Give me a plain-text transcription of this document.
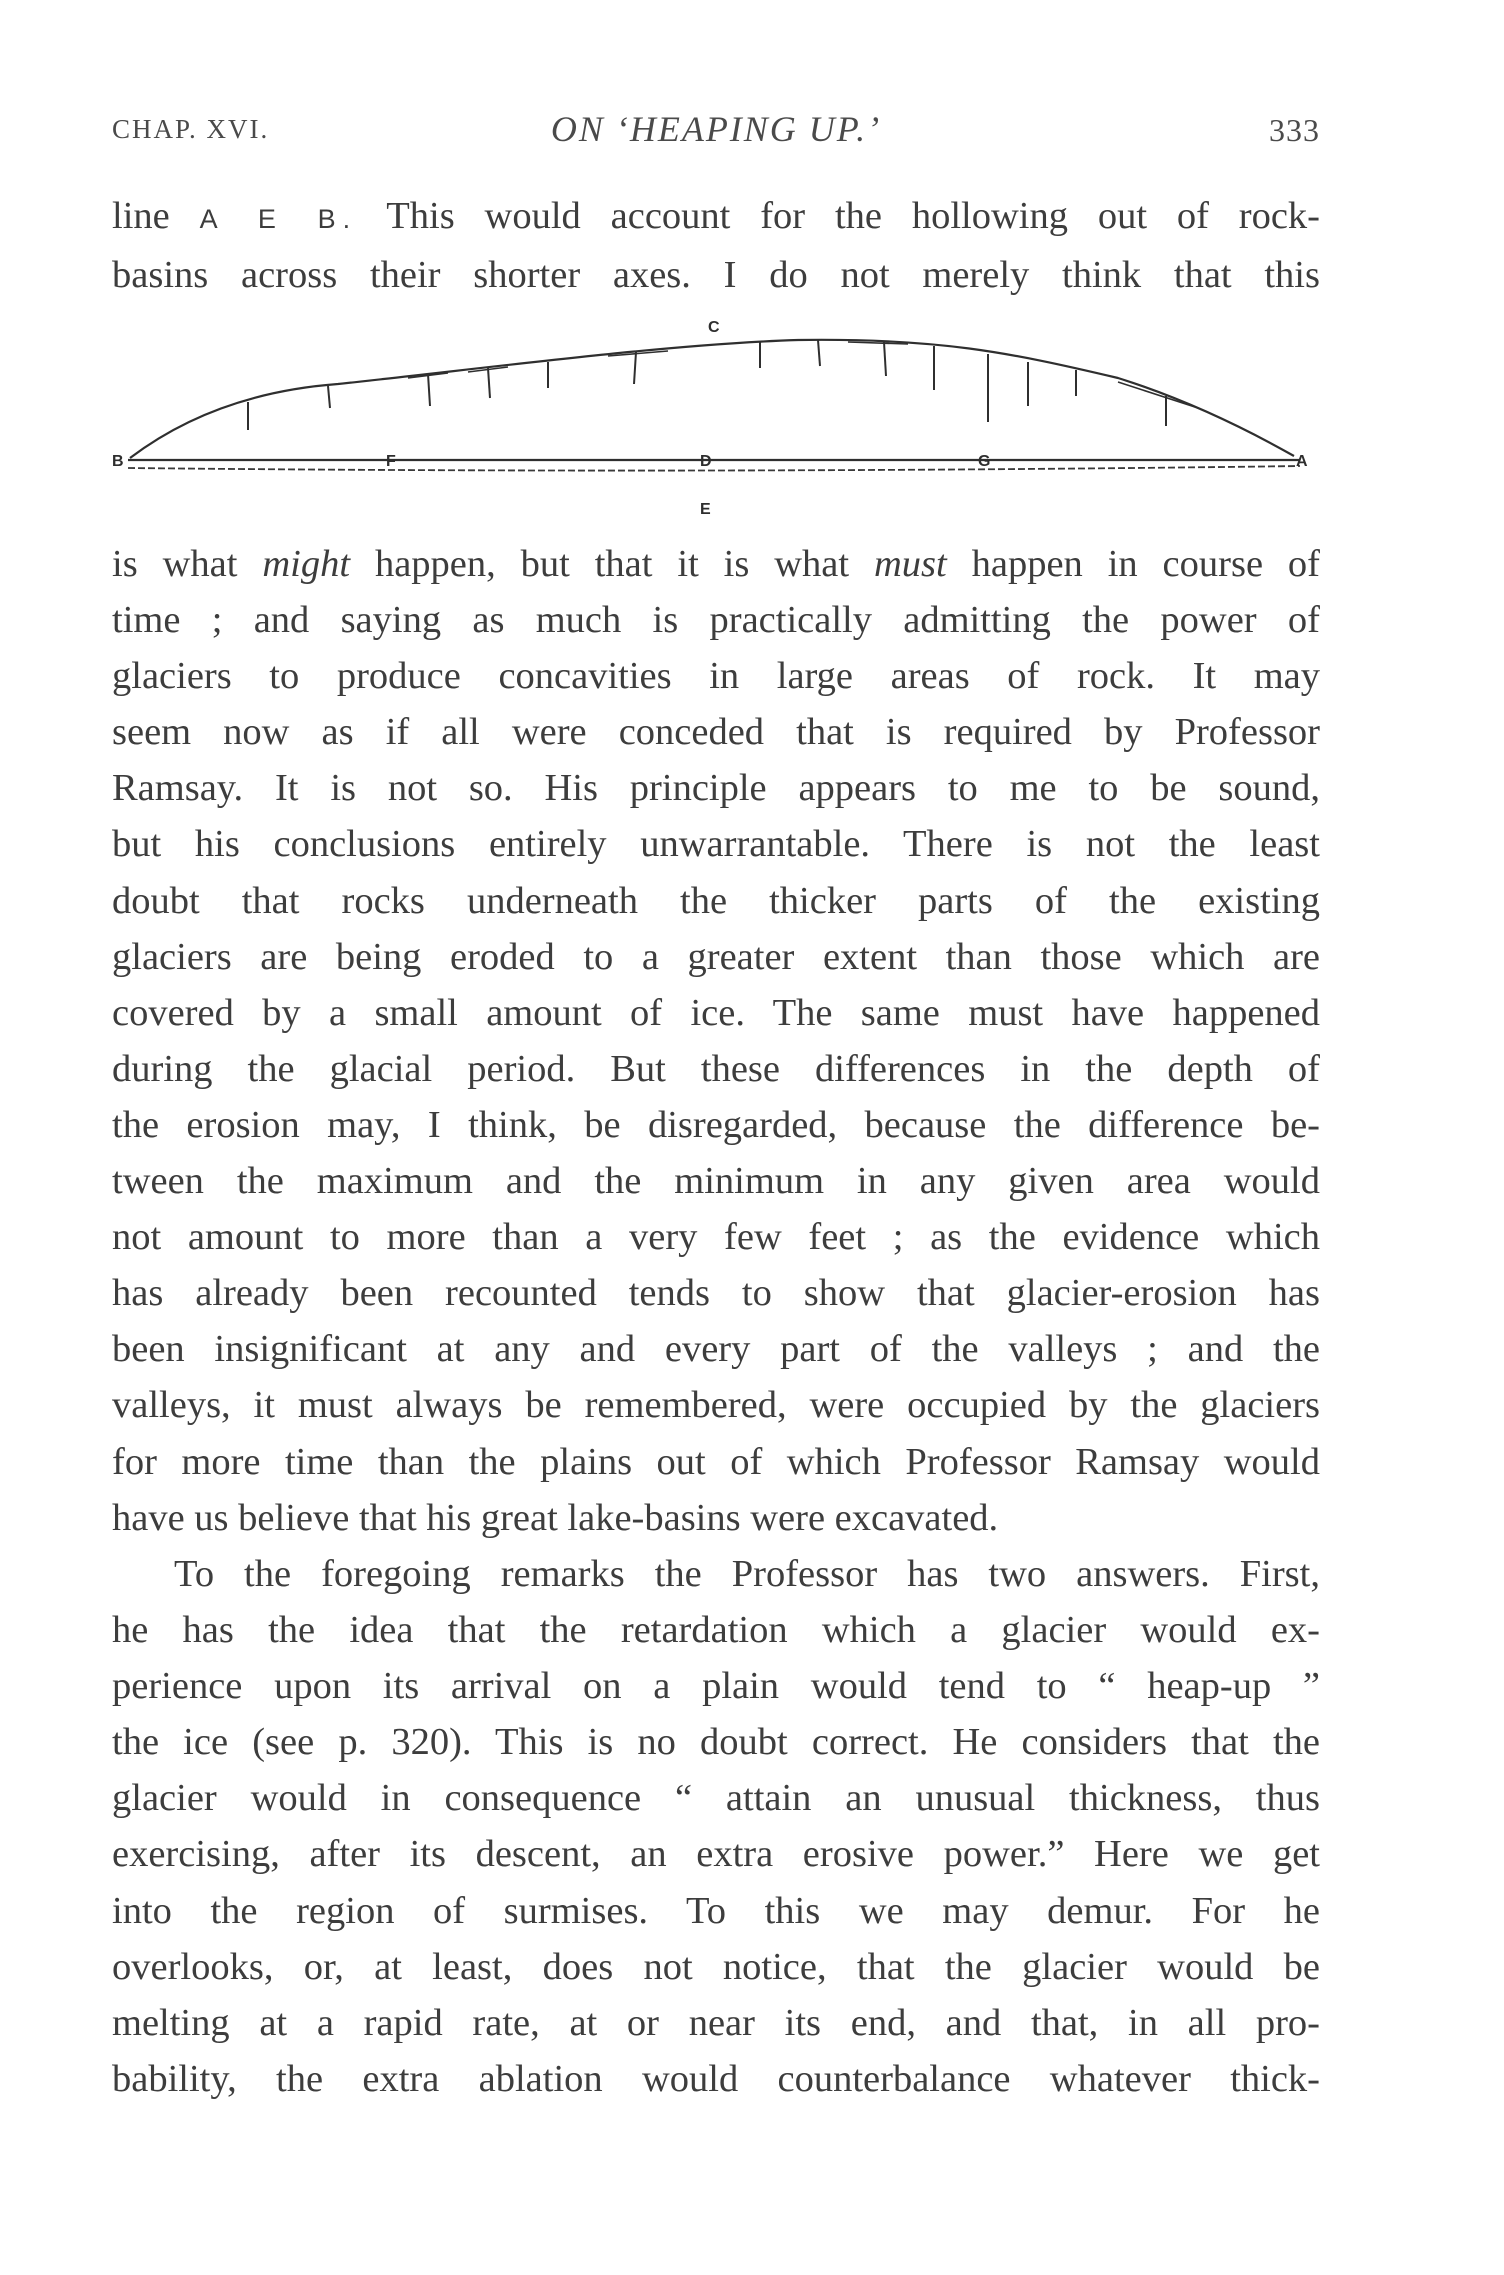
CHAP. XVI.	ON ‘HEAPING UP.’	333

line A E B. This would account for the hollowing out of rock-
basins across their shorter axes. I do not merely think that this

C
B	F	D	G	A
E

is what might happen, but that it is what must happen in course of
time ; and saying as much is practically admitting the power of
glaciers to produce concavities in large areas of rock. It may
seem now as if all were conceded that is required by Professor
Ramsay. It is not so. His principle appears to me to be sound,
but his conclusions entirely unwarrantable. There is not the least
doubt that rocks underneath the thicker parts of the existing
glaciers are being eroded to a greater extent than those which are
covered by a small amount of ice. The same must have happened
during the glacial period. But these differences in the depth of
the erosion may, I think, be disregarded, because the difference be-
tween the maximum and the minimum in any given area would
not amount to more than a very few feet ; as the evidence which
has already been recounted tends to show that glacier-erosion has
been insignificant at any and every part of the valleys ; and the
valleys, it must always be remembered, were occupied by the glaciers
for more time than the plains out of which Professor Ramsay would
have us believe that his great lake-basins were excavated.

To the foregoing remarks the Professor has two answers. First,
he has the idea that the retardation which a glacier would ex-
perience upon its arrival on a plain would tend to “ heap-up ”
the ice (see p. 320). This is no doubt correct. He considers that the
glacier would in consequence “ attain an unusual thickness, thus
exercising, after its descent, an extra erosive power.” Here we get
into the region of surmises. To this we may demur. For he
overlooks, or, at least, does not notice, that the glacier would be
melting at a rapid rate, at or near its end, and that, in all pro-
bability, the extra ablation would counterbalance whatever thick-
